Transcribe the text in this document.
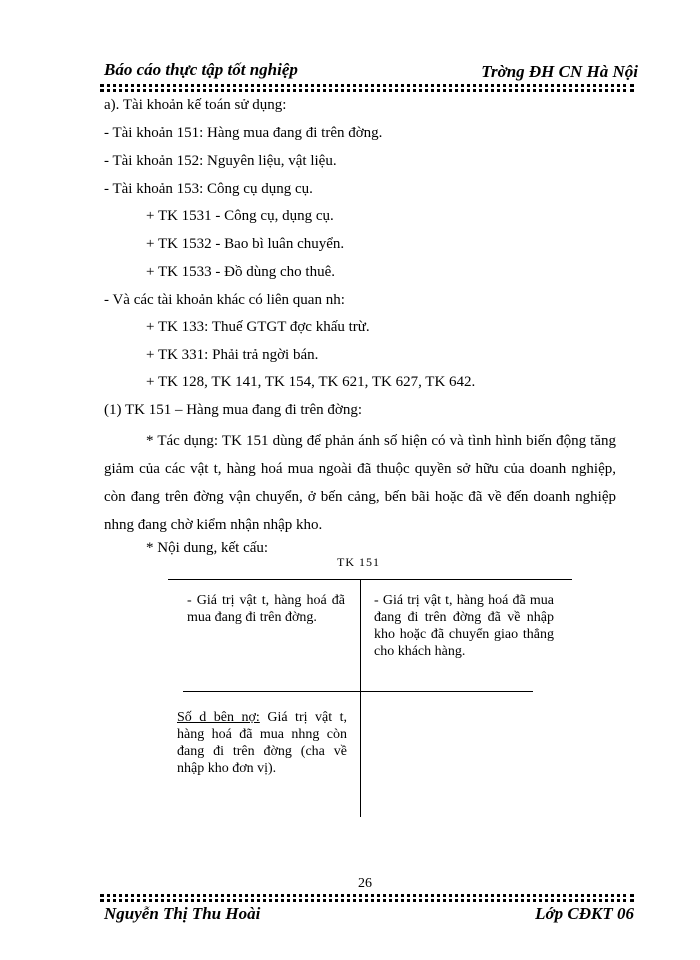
Báo cáo thực tập tốt nghiệp	Trờng ĐH CN Hà Nội
a). Tài khoản kế toán sử dụng:
- Tài khoản 151: Hàng mua đang đi trên đờng.
- Tài khoản 152: Nguyên liệu, vật liệu.
- Tài khoản 153: Công cụ dụng cụ.
+ TK 1531 - Công cụ, dụng cụ.
+ TK 1532 - Bao bì luân chuyển.
+ TK 1533 - Đồ dùng cho thuê.
- Và các tài khoản khác có liên quan nh:
+ TK 133: Thuế GTGT đợc khấu trừ.
+ TK 331: Phải trả ngời bán.
+ TK 128, TK 141, TK 154, TK 621, TK 627, TK 642.
(1) TK 151 – Hàng mua đang đi trên đờng:
* Tác dụng: TK 151 dùng để phản ánh số hiện có và tình hình biến động tăng giảm của các vật t, hàng hoá mua ngoài đã thuộc quyền sở hữu của doanh nghiệp, còn đang trên đờng vận chuyển, ở bến cảng, bến bãi hoặc đã về đến doanh nghiệp nhng đang chờ kiểm nhận nhập kho.
* Nội dung, kết cấu:
TK 151
- Giá trị vật t, hàng hoá đã mua đang đi trên đờng.
- Giá trị vật t, hàng hoá đã mua đang đi trên đờng đã về nhập kho hoặc đã chuyển giao thẳng cho khách hàng.
Số d bên nợ: Giá trị vật t, hàng hoá đã mua nhng còn đang đi trên đờng (cha về nhập kho đơn vị).
26
Nguyễn Thị Thu Hoài	Lớp CĐKT 06
